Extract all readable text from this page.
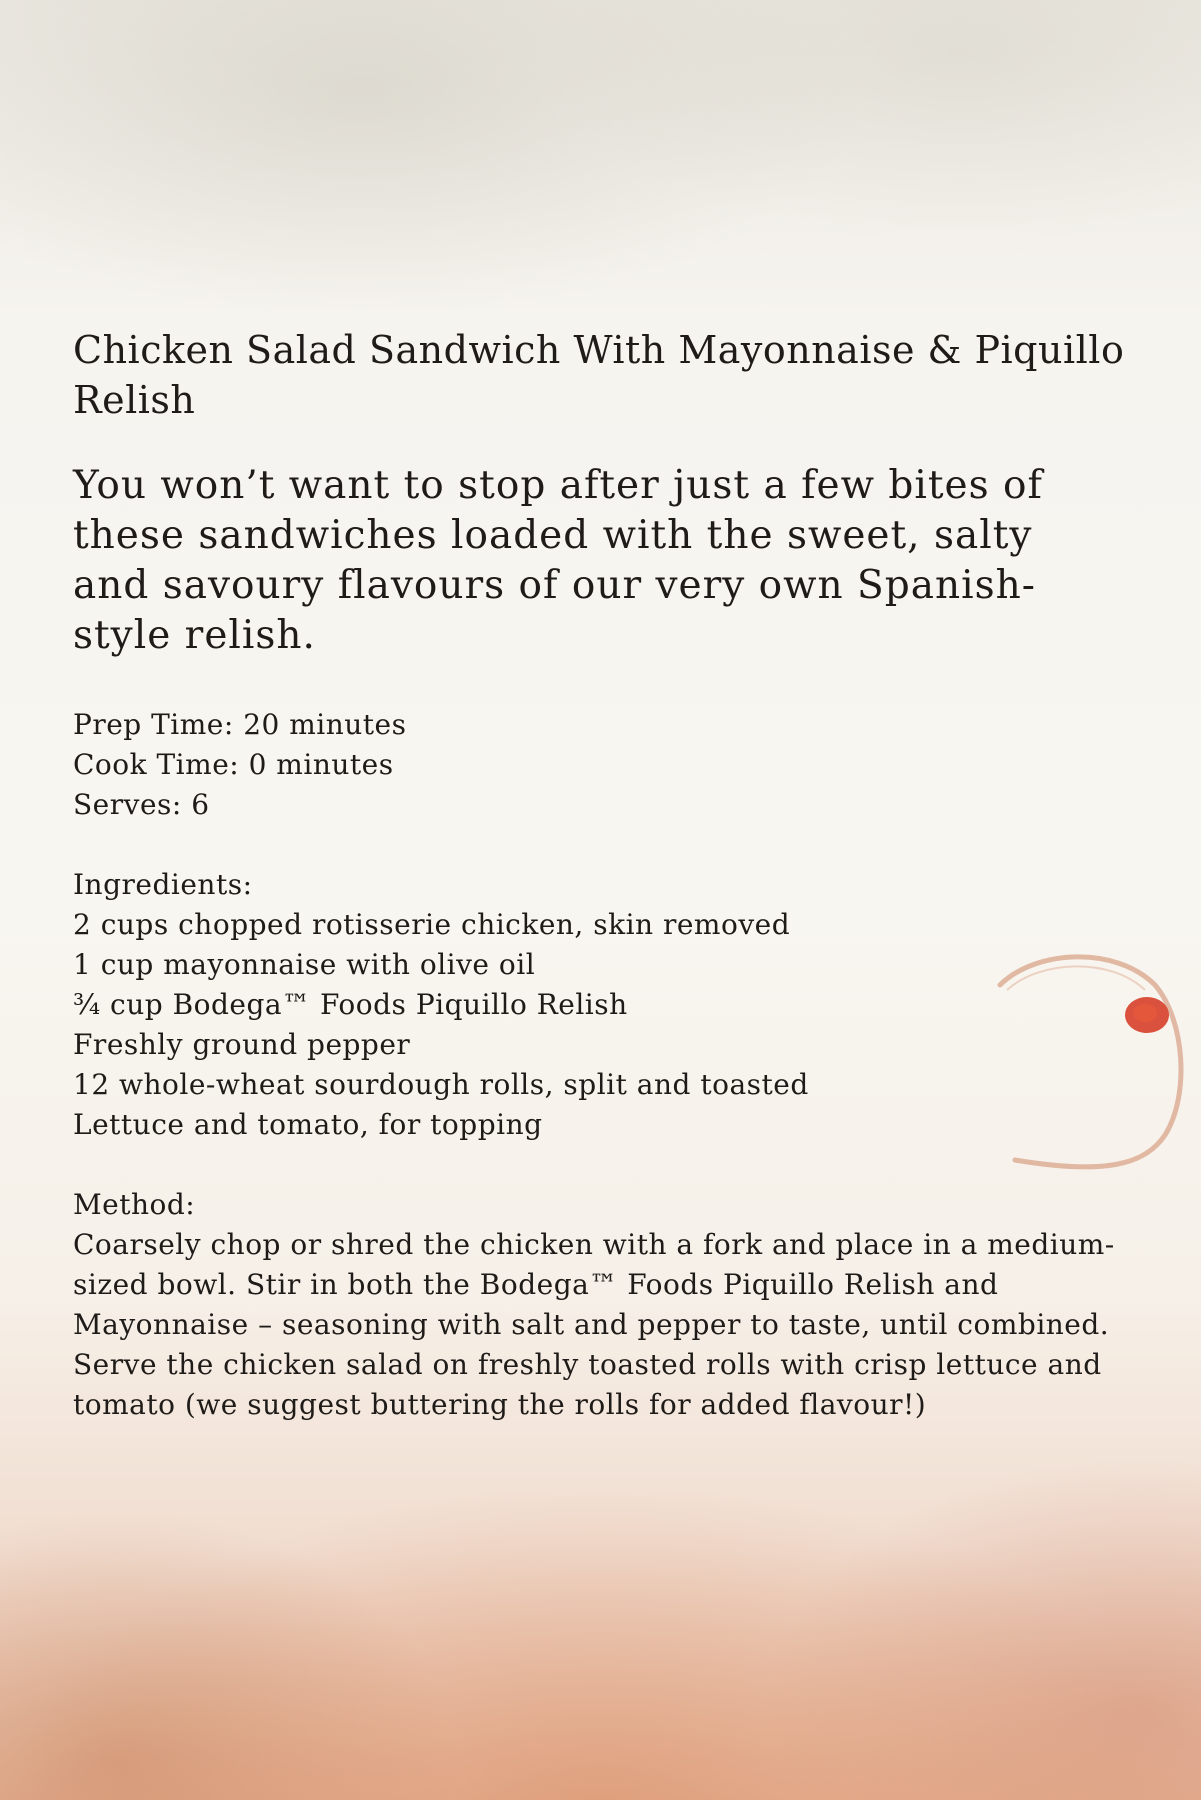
Chicken Salad Sandwich With Mayonnaise & Piquillo Relish

You won’t want to stop after just a few bites of these sandwiches loaded with the sweet, salty and savoury flavours of our very own Spanish-style relish.

Prep Time: 20 minutes
Cook Time: 0 minutes
Serves: 6
Ingredients:
2 cups chopped rotisserie chicken, skin removed
1 cup mayonnaise with olive oil
¾ cup Bodega™ Foods Piquillo Relish
Freshly ground pepper
12 whole-wheat sourdough rolls, split and toasted
Lettuce and tomato, for topping
Method:
Coarsely chop or shred the chicken with a fork and place in a medium-sized bowl. Stir in both the Bodega™ Foods Piquillo Relish and Mayonnaise – seasoning with salt and pepper to taste, until combined.
Serve the chicken salad on freshly toasted rolls with crisp lettuce and tomato (we suggest buttering the rolls for added flavour!)
